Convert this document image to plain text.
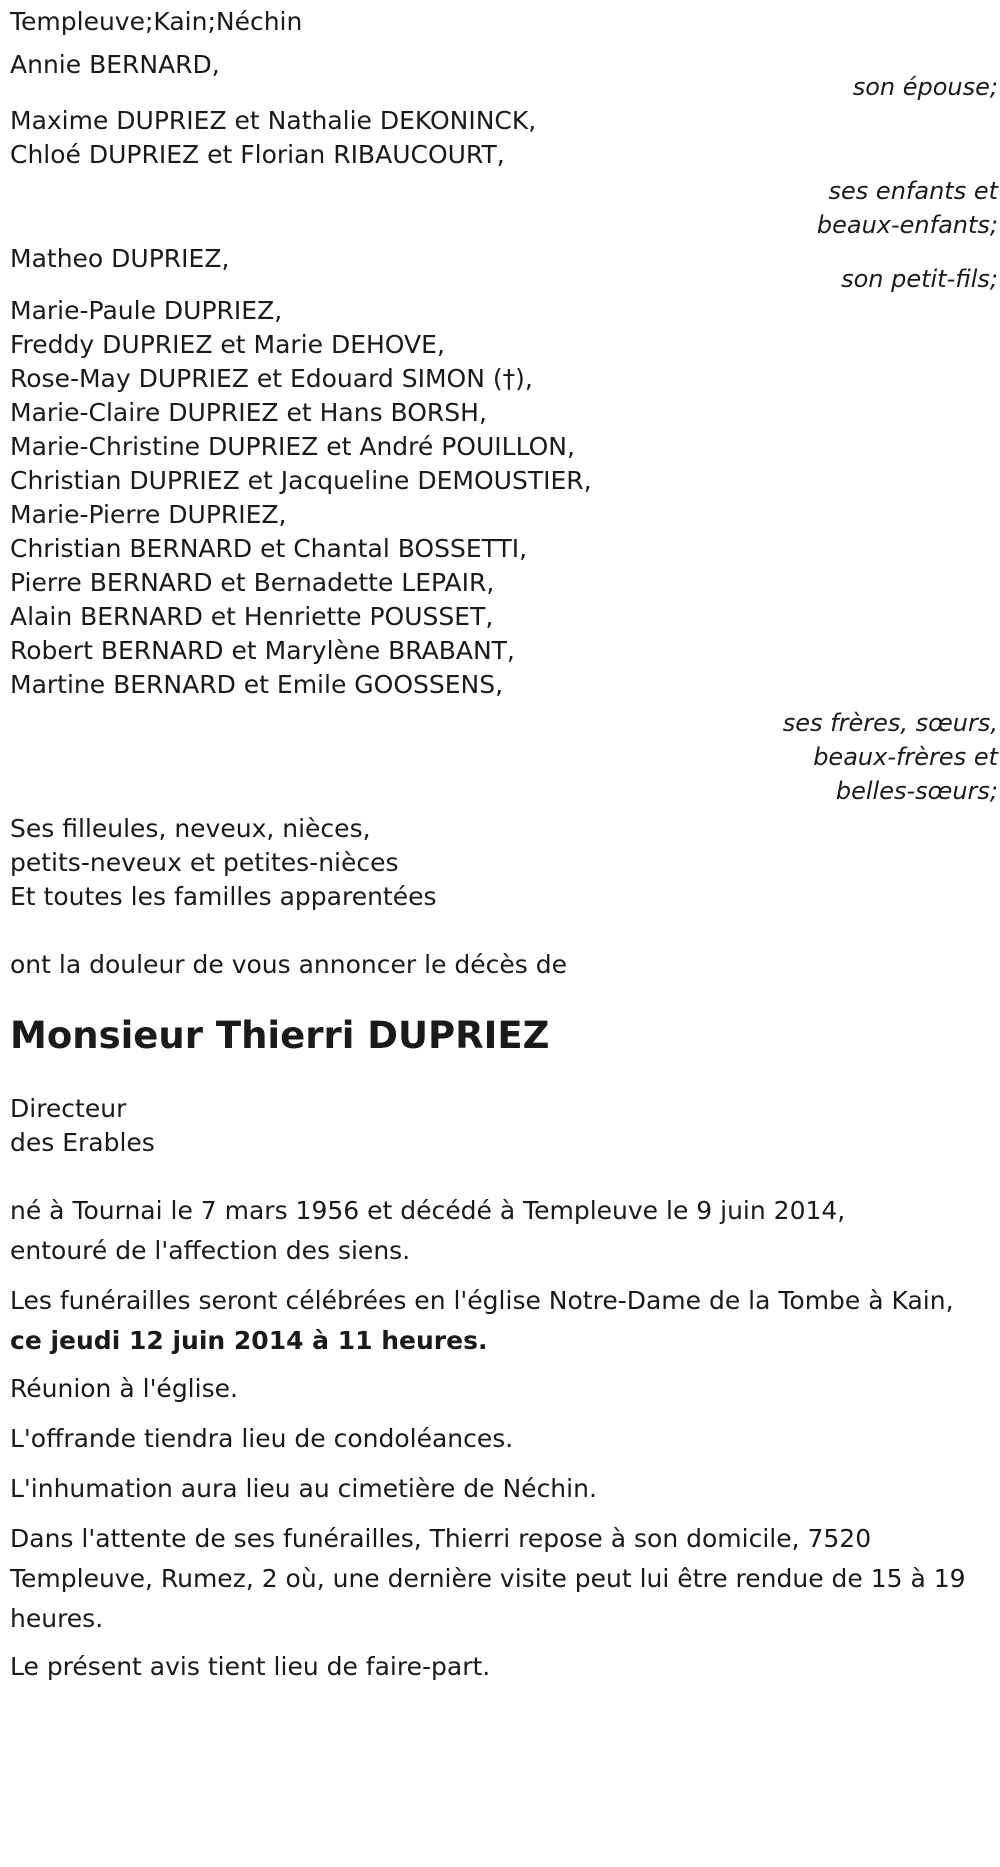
Templeuve;Kain;Néchin
Annie BERNARD,
son épouse;
Maxime DUPRIEZ et Nathalie DEKONINCK,
Chloé DUPRIEZ et Florian RIBAUCOURT,
ses enfants et
beaux-enfants;
Matheo DUPRIEZ,
son petit-fils;
Marie-Paule DUPRIEZ,
Freddy DUPRIEZ et Marie DEHOVE,
Rose-May DUPRIEZ et Edouard SIMON (†),
Marie-Claire DUPRIEZ et Hans BORSH,
Marie-Christine DUPRIEZ et André POUILLON,
Christian DUPRIEZ et Jacqueline DEMOUSTIER,
Marie-Pierre DUPRIEZ,
Christian BERNARD et Chantal BOSSETTI,
Pierre BERNARD et Bernadette LEPAIR,
Alain BERNARD et Henriette POUSSET,
Robert BERNARD et Marylène BRABANT,
Martine BERNARD et Emile GOOSSENS,
ses frères, sœurs,
beaux-frères et
belles-sœurs;
Ses filleules, neveux, nièces,
petits-neveux et petites-nièces
Et toutes les familles apparentées
ont la douleur de vous annoncer le décès de
Monsieur Thierri DUPRIEZ
Directeur
des Erables
né à Tournai le 7 mars 1956 et décédé à Templeuve le 9 juin 2014, entouré de l'affection des siens.
Les funérailles seront célébrées en l'église Notre-Dame de la Tombe à Kain, ce jeudi 12 juin 2014 à 11 heures.
Réunion à l'église.
L'offrande tiendra lieu de condoléances.
L'inhumation aura lieu au cimetière de Néchin.
Dans l'attente de ses funérailles, Thierri repose à son domicile, 7520 Templeuve, Rumez, 2 où, une dernière visite peut lui être rendue de 15 à 19 heures.
Le présent avis tient lieu de faire-part.
